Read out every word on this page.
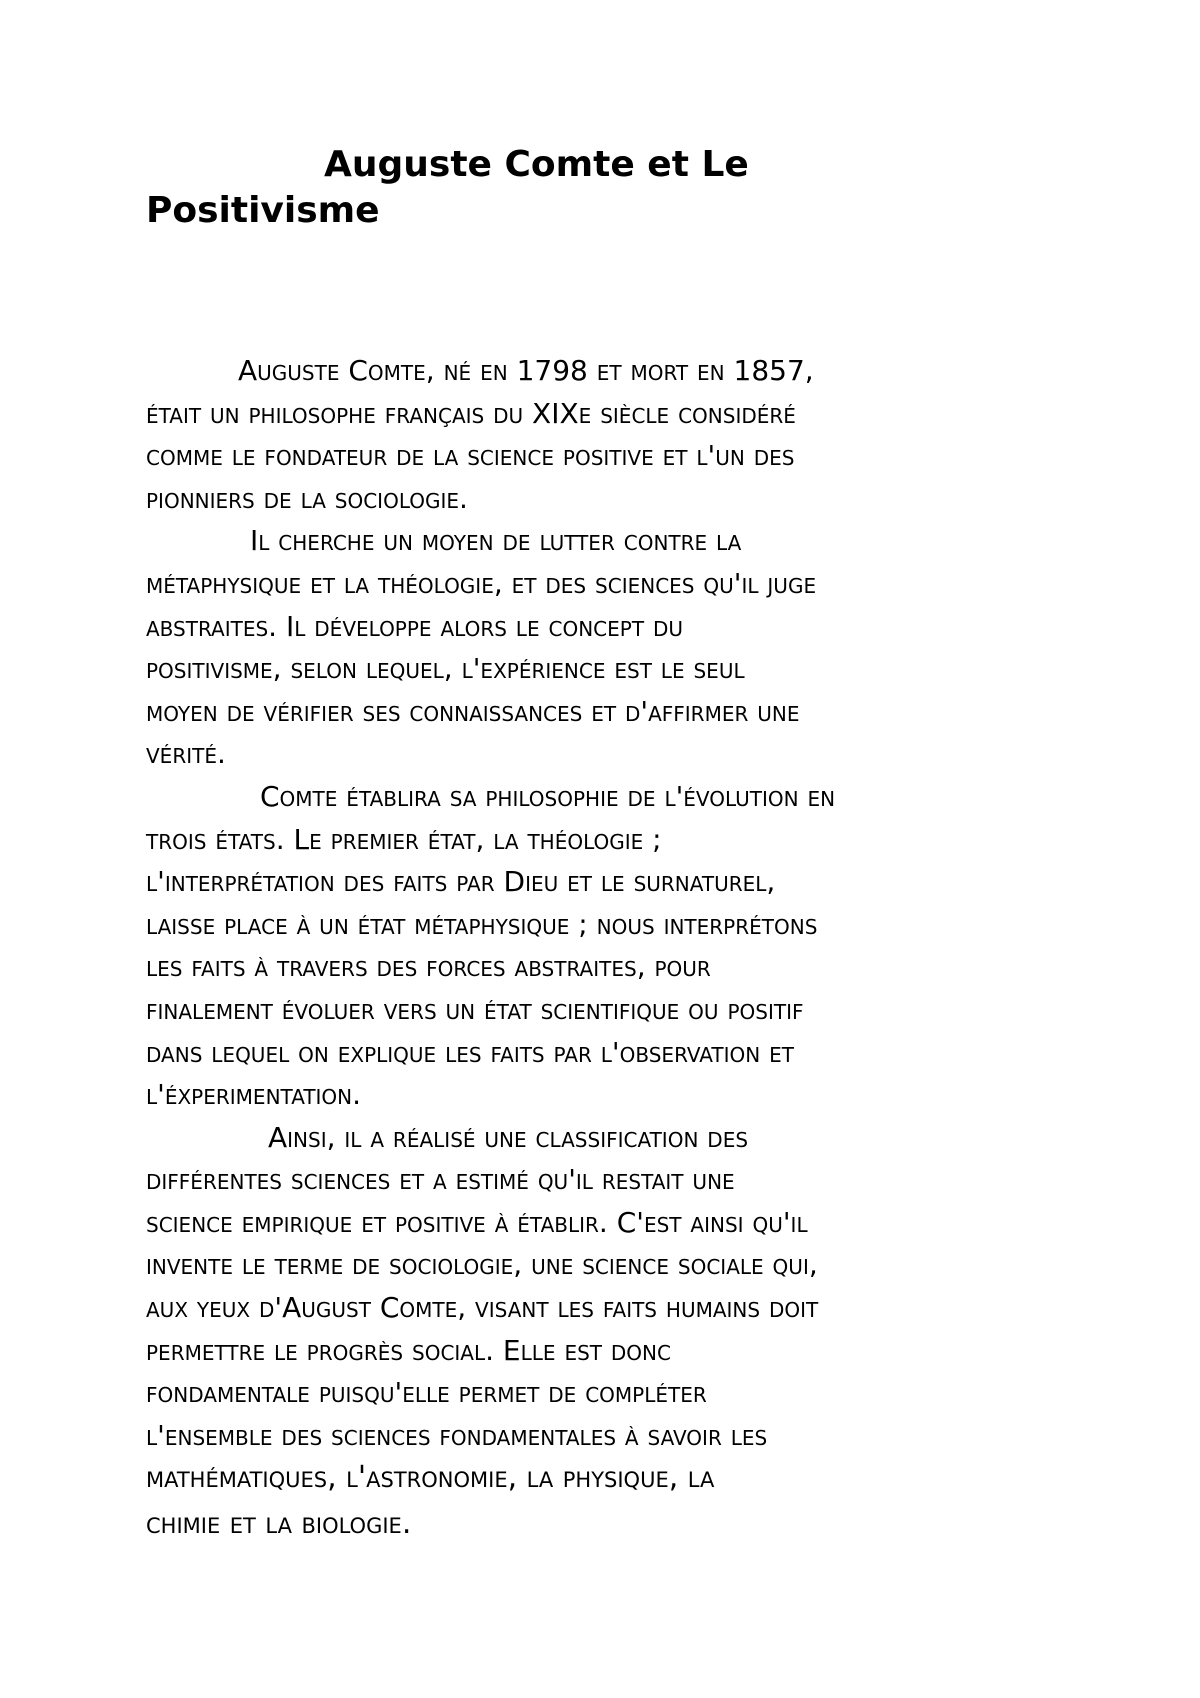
Auguste Comte et Le
Positivisme
Auguste Comte, né en 1798 et mort en 1857,
était un philosophe français du XIXe siècle considéré
comme le fondateur de la science positive et l'un des
pionniers de la sociologie.
Il cherche un moyen de lutter contre la
métaphysique et la théologie, et des sciences qu'il juge
abstraites. Il développe alors le concept du
positivisme, selon lequel, l'expérience est le seul
moyen de vérifier ses connaissances et d'affirmer une
vérité.
Comte établira sa philosophie de l'évolution en
trois états. Le premier état, la théologie ;
l'interprétation des faits par Dieu et le surnaturel,
laisse place à un état métaphysique ; nous interprétons
les faits à travers des forces abstraites, pour
finalement évoluer vers un état scientifique ou positif
dans lequel on explique les faits par l'observation et
l'éxperimentation.
Ainsi, il a réalisé une classification des
différentes sciences et a estimé qu'il restait une
science empirique et positive à établir. C'est ainsi qu'il
invente le terme de sociologie, une science sociale qui,
aux yeux d'August Comte, visant les faits humains doit
permettre le progrès social. Elle est donc
fondamentale puisqu'elle permet de compléter
l'ensemble des sciences fondamentales à savoir les
mathématiques, l'astronomie, la physique, la
chimie et la biologie.
